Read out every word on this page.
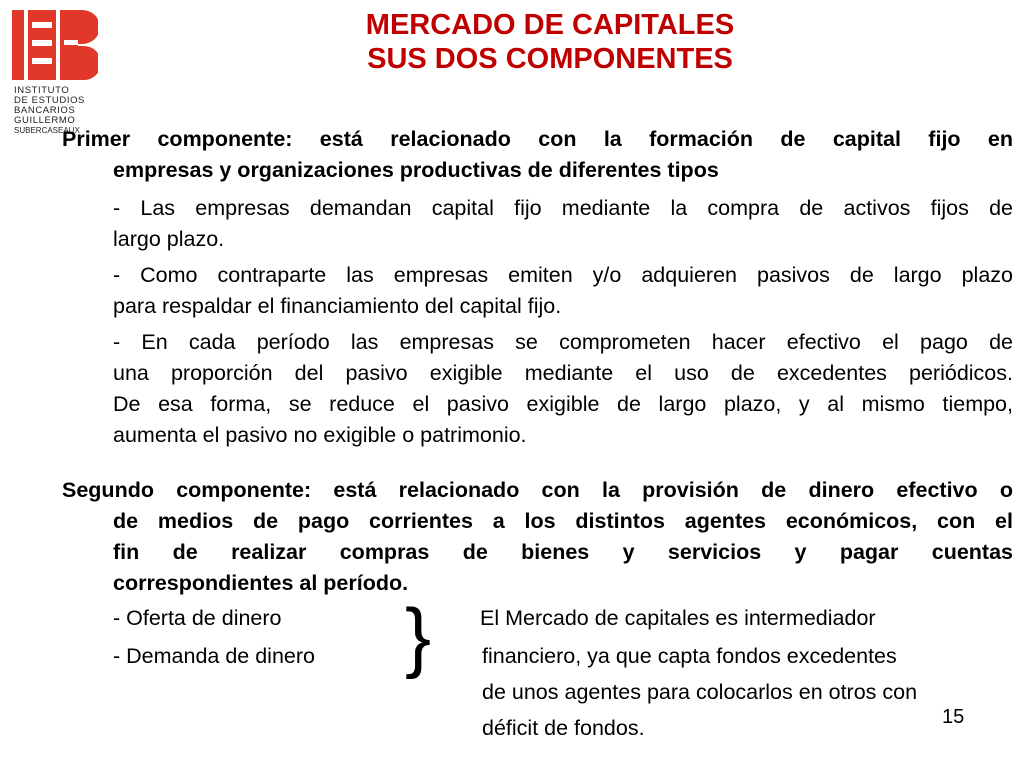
INSTITUTO
DE ESTUDIOS
BANCARIOS
GUILLERMO
SUBERCASEAUX
MERCADO DE CAPITALES
SUS DOS COMPONENTES
Primer componente: está relacionado con la formación de capital fijo en
empresas y organizaciones productivas de diferentes tipos
- Las empresas demandan capital fijo mediante la compra de activos fijos de
largo plazo.
- Como contraparte las empresas emiten y/o adquieren pasivos de largo plazo
para respaldar el financiamiento del capital fijo.
- En cada período las empresas se comprometen hacer efectivo el pago de
una proporción del pasivo exigible mediante el uso de excedentes periódicos.
De esa forma, se reduce el pasivo exigible de largo plazo, y al mismo tiempo,
aumenta el pasivo no exigible o patrimonio.
Segundo componente: está relacionado con la provisión de dinero efectivo o
de medios de pago corrientes a los distintos agentes económicos, con el
fin de realizar compras de bienes y servicios y pagar cuentas
correspondientes al período.
- Oferta de dinero
- Demanda de dinero } El Mercado de capitales es intermediador
financiero, ya que capta fondos excedentes
de unos agentes para colocarlos en otros con
déficit de fondos.	15
